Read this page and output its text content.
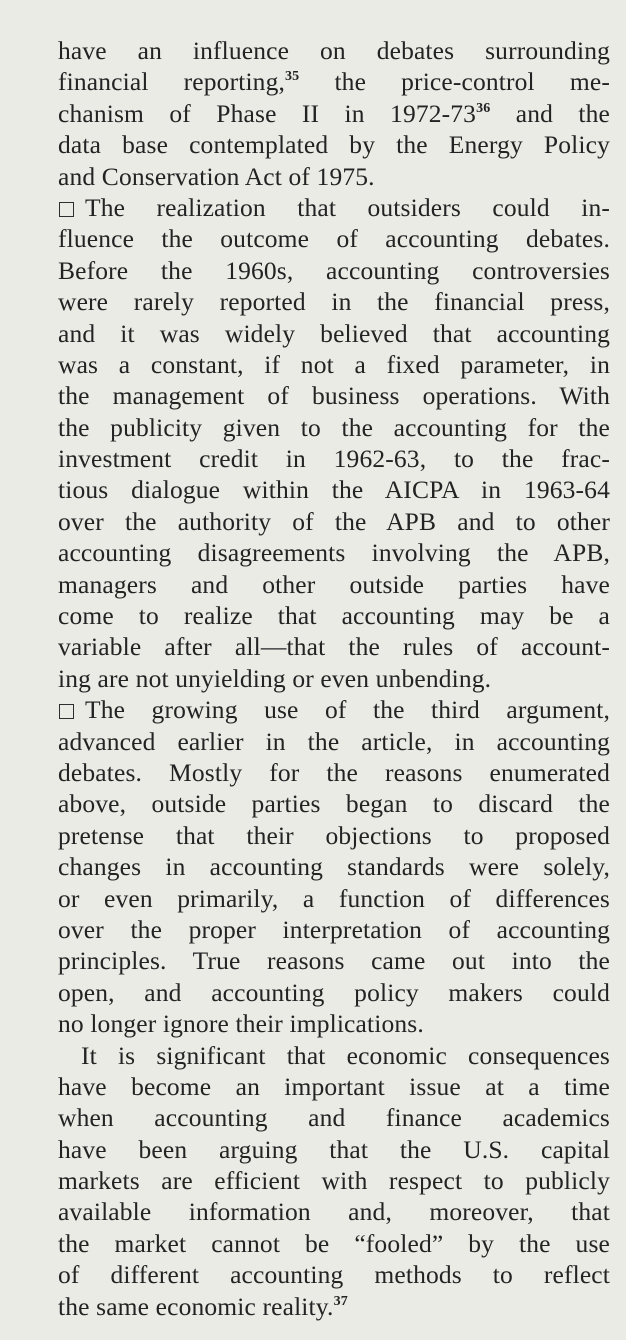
have an influence on debates surrounding
financial reporting,$^{35}$ the price-control me-
chanism of Phase II in $1972-73^{36}$ and the
data base contemplated by the Energy Policy
and Conservation Act of 1975.
The realization that outsiders could in-
fluence the outcome of accounting debates.
Before the 1960s, accounting controversies
were rarely reported in the financial press,
and it was widely believed that accounting
was a constant, if not a fixed parameter, in
the management of business operations. With
the publicity given to the accounting for the
investment credit in 1962-63, to the frac-
tious dialogue within the AICPA in 1963-64
over the authority of the APB and to other
accounting disagreements involving the APB,
managers and other outside parties have
come to realize that accounting may be a
variable after all—that the rules of account-
ing are not unyielding or even unbending.
The growing use of the third argument,
advanced earlier in the article, in accounting
debates. Mostly for the reasons enumerated
above, outside parties began to discard the
pretense that their objections to proposed
changes in accounting standards were solely,
or even primarily, a function of differences
over the proper interpretation of accounting
principles. True reasons came out into the
open, and accounting policy makers could
no longer ignore their implications.
It is significant that economic consequences
have become an important issue at a time
when accounting and finance academics
have been arguing that the U.S. capital
markets are efficient with respect to publicly
available information and, moreover, that
the market cannot be “fooled” by the use
of different accounting methods to reflect
the same economic reality.$^{37}$
